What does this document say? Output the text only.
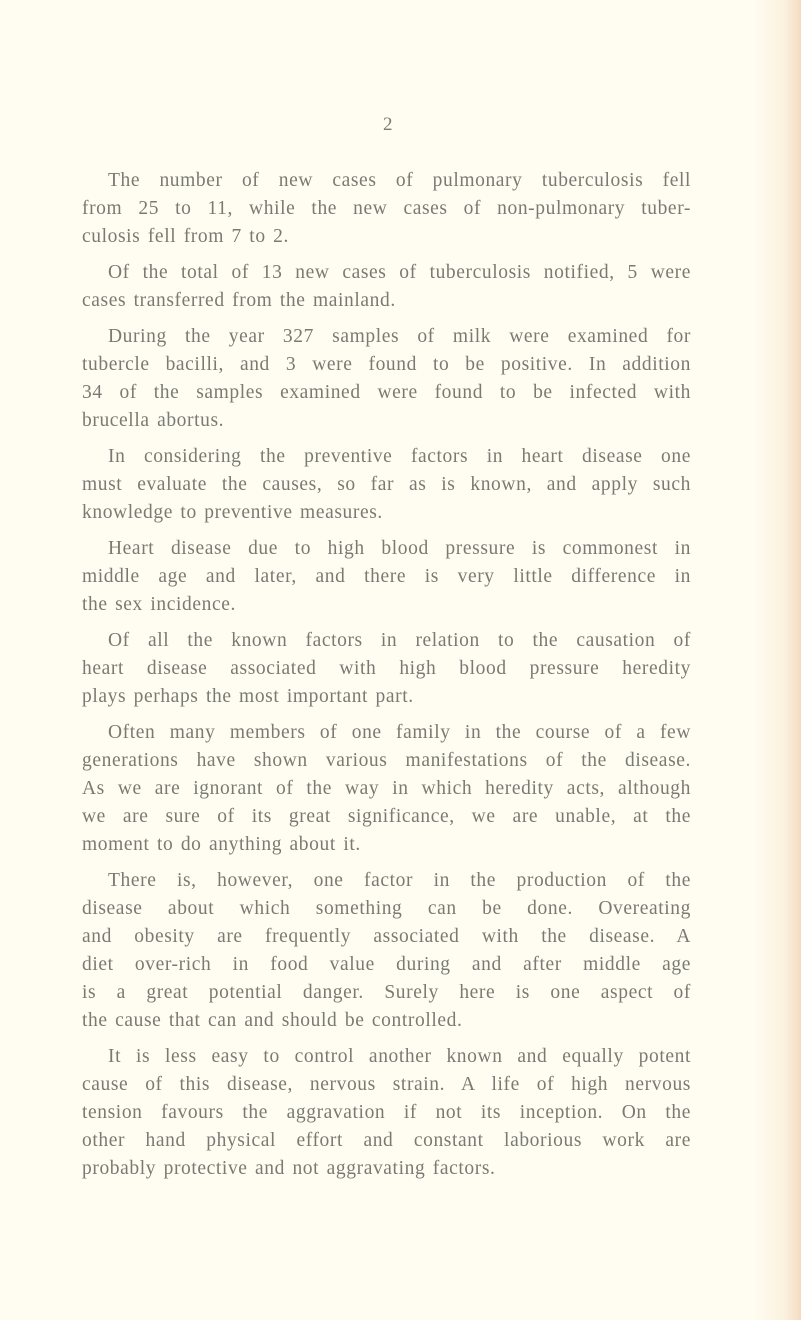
2
The number of new cases of pulmonary tuberculosis fell
from 25 to 11, while the new cases of non-pulmonary tuber-
culosis fell from 7 to 2.
Of the total of 13 new cases of tuberculosis notified, 5 were
cases transferred from the mainland.
During the year 327 samples of milk were examined for
tubercle bacilli, and 3 were found to be positive. In addition
34 of the samples examined were found to be infected with
brucella abortus.
In considering the preventive factors in heart disease one
must evaluate the causes, so far as is known, and apply such
knowledge to preventive measures.
Heart disease due to high blood pressure is commonest in
middle age and later, and there is very little difference in
the sex incidence.
Of all the known factors in relation to the causation of
heart disease associated with high blood pressure heredity
plays perhaps the most important part.
Often many members of one family in the course of a few
generations have shown various manifestations of the disease.
As we are ignorant of the way in which heredity acts, although
we are sure of its great significance, we are unable, at the
moment to do anything about it.
There is, however, one factor in the production of the
disease about which something can be done. Overeating
and obesity are frequently associated with the disease. A
diet over-rich in food value during and after middle age
is a great potential danger. Surely here is one aspect of
the cause that can and should be controlled.
It is less easy to control another known and equally potent
cause of this disease, nervous strain. A life of high nervous
tension favours the aggravation if not its inception. On the
other hand physical effort and constant laborious work are
probably protective and not aggravating factors.
